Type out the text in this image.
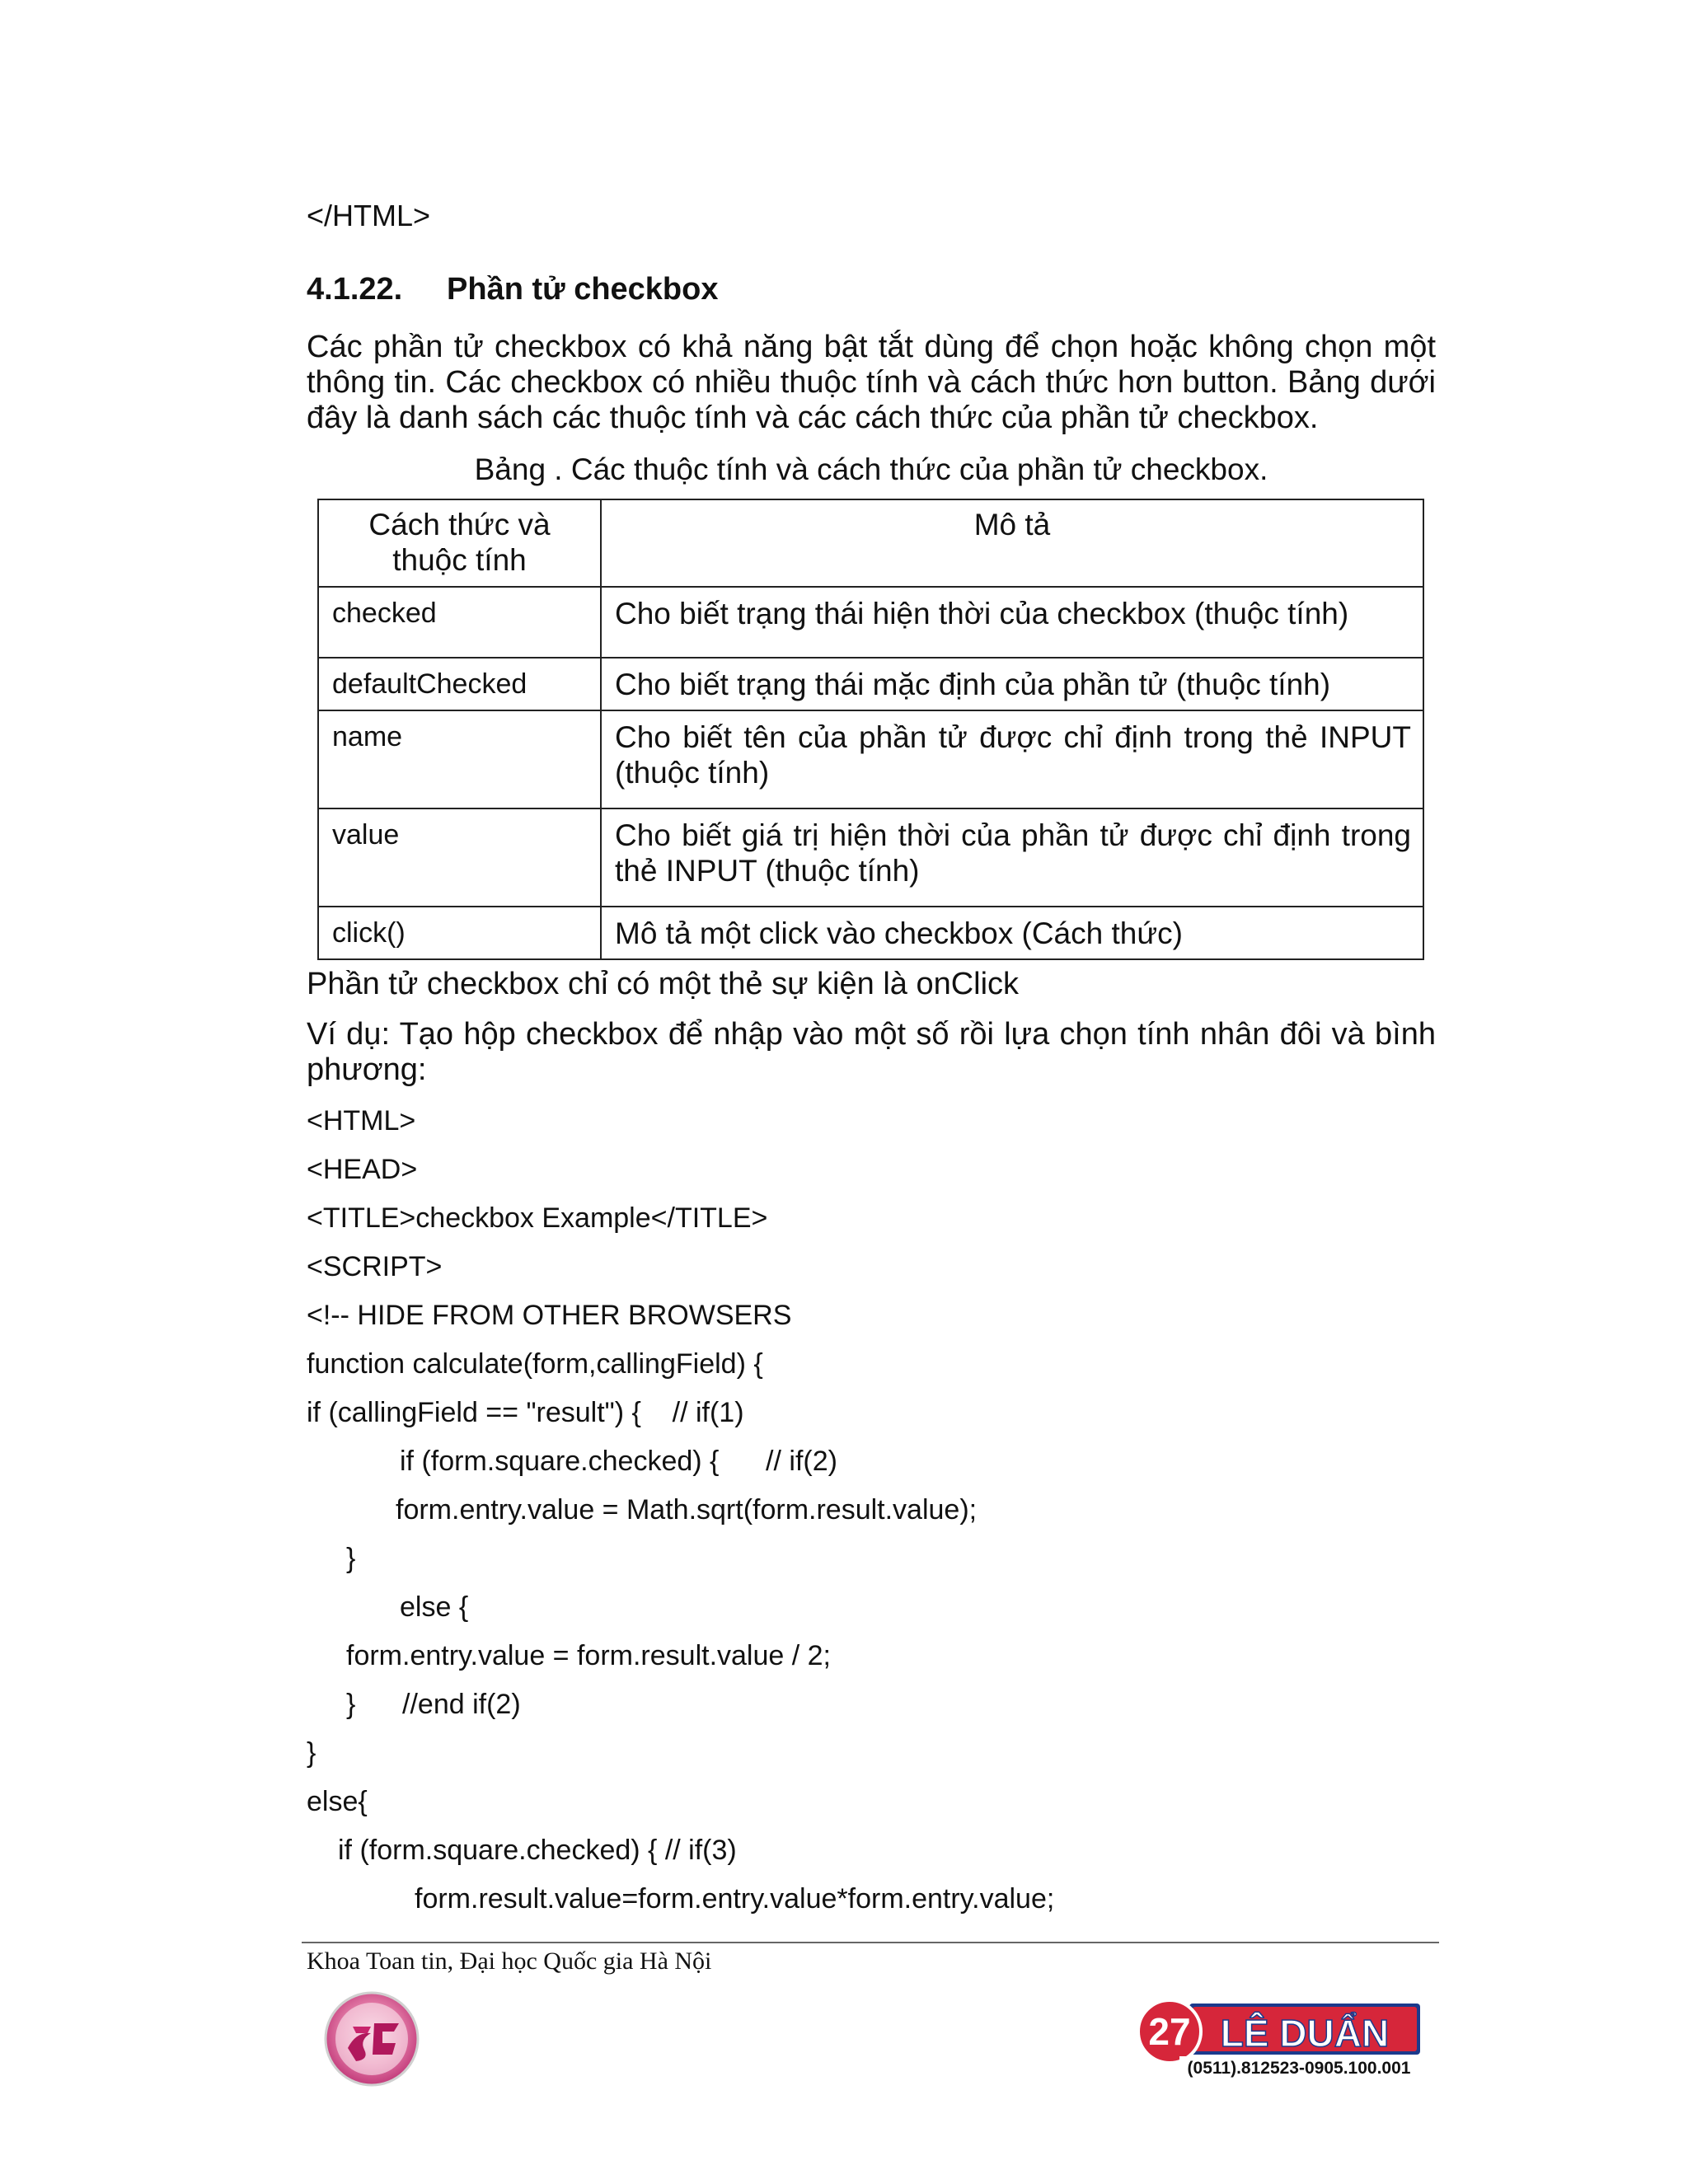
</HTML>
4.1.22. Phần tử checkbox

Các phần tử checkbox có khả năng bật tắt dùng để chọn hoặc không chọn một

thông tin. Các checkbox có nhiều thuộc tính và cách thức hơn button. Bảng dưới

đây là danh sách các thuộc tính và các cách thức của phần tử checkbox.

Bảng . Các thuộc tính và cách thức của phần tử checkbox.
Cách thức và
thuộc tính	Mô tả
checked	Cho biết trạng thái hiện thời của checkbox (thuộc tính)

defaultChecked	Cho biết trạng thái mặc định của phần tử (thuộc tính)

name	Cho biết tên của phần tử được chỉ định trong thẻ INPUT
(thuộc tính)

value	Cho biết giá trị hiện thời của phần tử được chỉ định trong
thẻ INPUT (thuộc tính)

click()	Mô tả một click vào checkbox (Cách thức)
Phần tử checkbox chỉ có một thẻ sự kiện là onClick

Ví dụ: Tạo hộp checkbox để nhập vào một số rồi lựa chọn tính nhân đôi và bình

phương:

<HTML>
<HEAD>
<TITLE>checkbox Example</TITLE>
<SCRIPT>
<!-- HIDE FROM OTHER BROWSERS
function calculate(form,callingField) {
if (callingField == "result") {    // if(1)
if (form.square.checked) {      // if(2)
form.entry.value = Math.sqrt(form.result.value);
}
else {
form.entry.value = form.result.value / 2;
}      //end if(2)
}
else{
if (form.square.checked) { // if(3)
form.result.value=form.entry.value*form.entry.value;
Khoa Toan tin, Đại học Quốc gia Hà Nội
27 LÊ DUẨN
(0511).812523-0905.100.001
